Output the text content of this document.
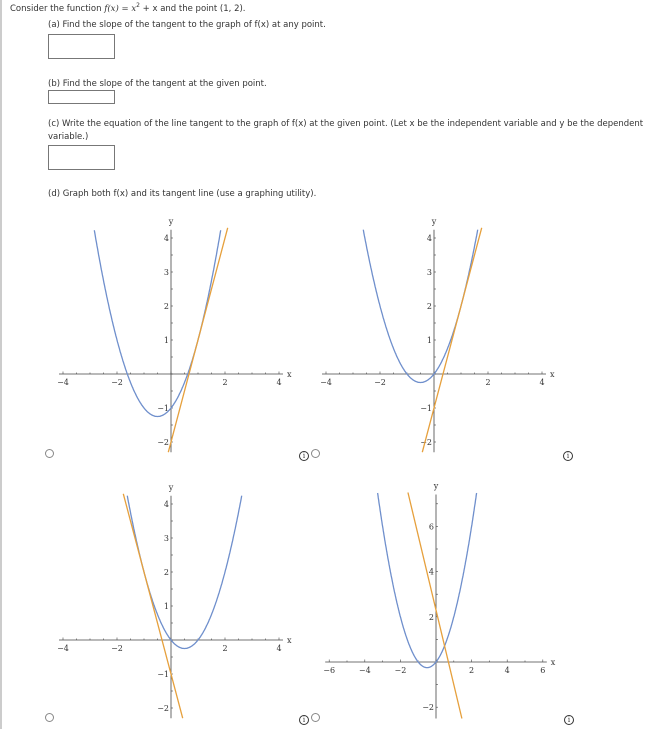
Consider the function $f(x) = x^2 + x$ and the point (1, 2).
(a) Find the slope of the tangent to the graph of f(x) at any point.
(b) Find the slope of the tangent at the given point.
(c) Write the equation of the line tangent to the graph of f(x) at the given point. (Let x be the independent variable and y be the dependent
variable.)
(d) Graph both f(x) and its tangent line (use a graphing utility).
−4	−2	2	4
−2
−1
1
2
3
4
x
y
−4	−2	2	4
−2
−1
1
2
3
4
x
y
−4	−2	2	4
−2
−1
1
2
3
4
x
y
−6	−4	−2	2	4	6
−2
2
4
6
x
y
i	i
i	i
